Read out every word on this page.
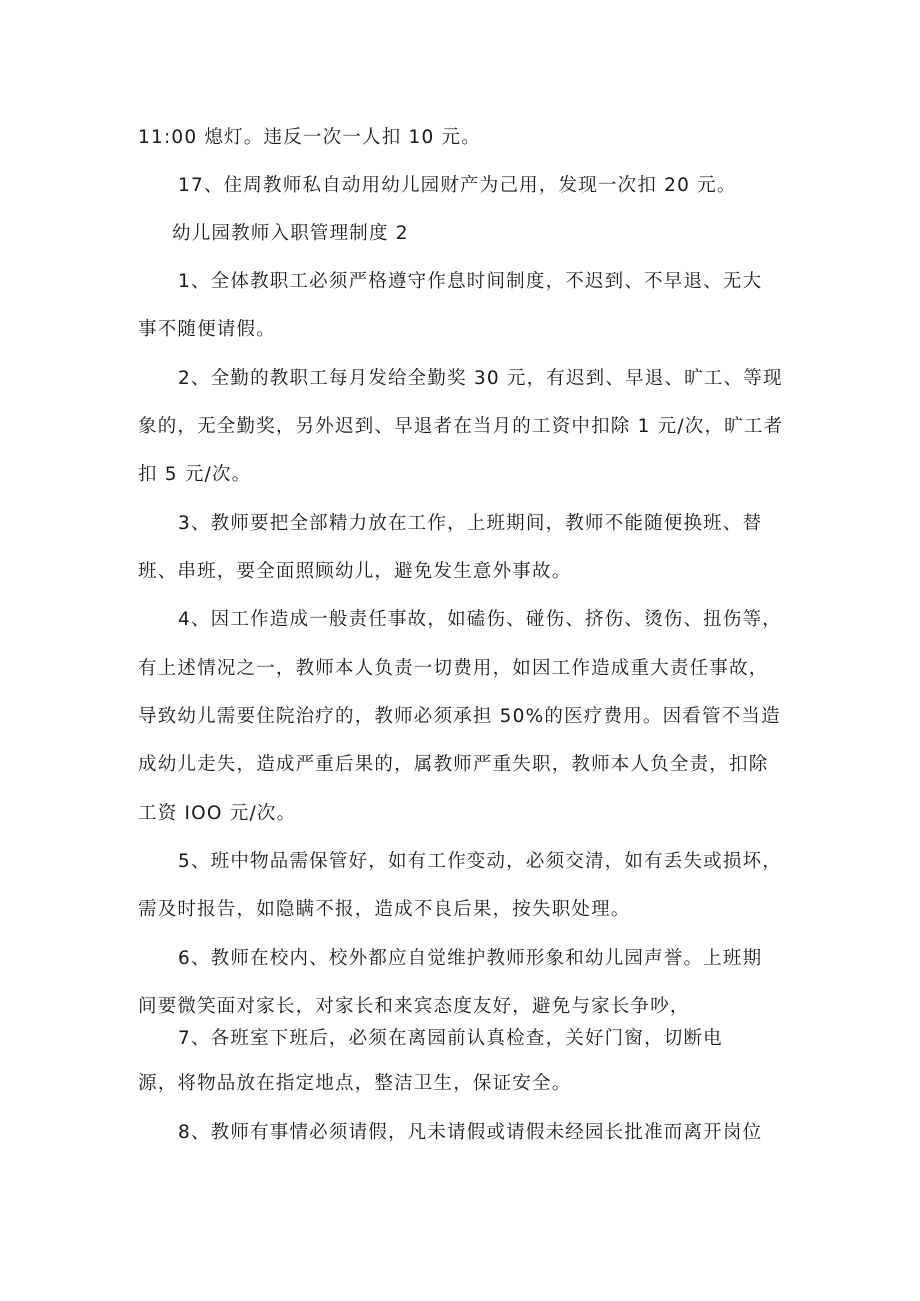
11:00 熄灯。违反一次一人扣 10 元。
17、住周教师私自动用幼儿园财产为己用，发现一次扣 20 元。
幼儿园教师入职管理制度 2
1、全体教职工必须严格遵守作息时间制度，不迟到、不早退、无大
事不随便请假。
2、全勤的教职工每月发给全勤奖 30 元，有迟到、早退、旷工、等现
象的，无全勤奖，另外迟到、早退者在当月的工资中扣除 1 元/次，旷工者
扣 5 元/次。
3、教师要把全部精力放在工作，上班期间，教师不能随便换班、替
班、串班，要全面照顾幼儿，避免发生意外事故。
4、因工作造成一般责任事故，如磕伤、碰伤、挤伤、烫伤、扭伤等，
有上述情况之一，教师本人负责一切费用，如因工作造成重大责任事故，
导致幼儿需要住院治疗的，教师必须承担 50%的医疗费用。因看管不当造
成幼儿走失，造成严重后果的，属教师严重失职，教师本人负全责，扣除
工资 IOO 元/次。
5、班中物品需保管好，如有工作变动，必须交清，如有丢失或损坏，
需及时报告，如隐瞒不报，造成不良后果，按失职处理。
6、教师在校内、校外都应自觉维护教师形象和幼儿园声誉。上班期
间要微笑面对家长，对家长和来宾态度友好，避免与家长争吵，
7、各班室下班后，必须在离园前认真检查，关好门窗，切断电
源，将物品放在指定地点，整洁卫生，保证安全。
8、教师有事情必须请假，凡未请假或请假未经园长批准而离开岗位
